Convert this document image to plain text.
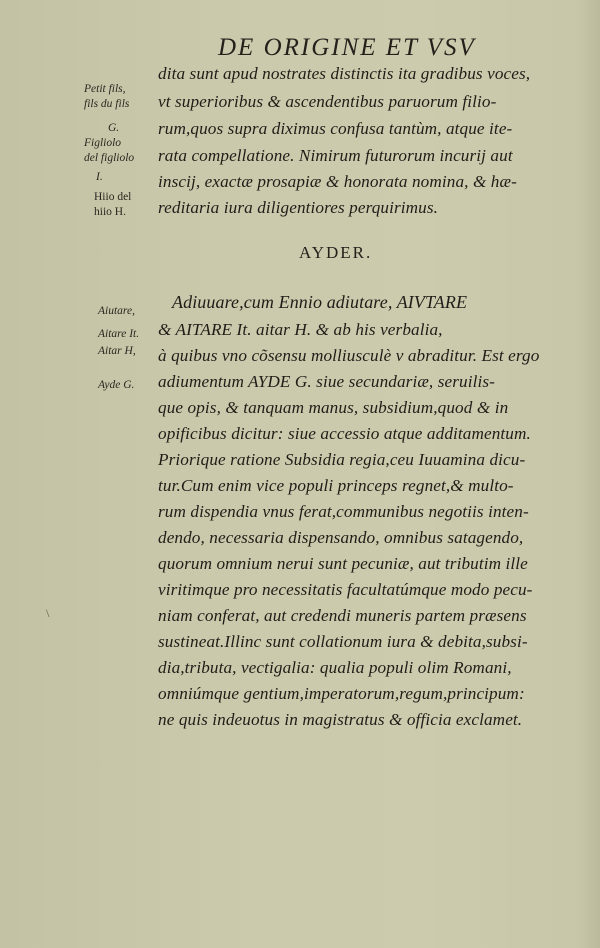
DE ORIGINE ET VSV
Petit fils,
fils du fils
G.
Figliolo
del figliolo
I.
Hiio del
hiio H.
dita sunt apud nostrates distinctis ita gradibus voces,
vt superioribus & ascendentibus paruorum filio-
rum,quos supra diximus confusa tantùm, atque ite-
rata compellatione. Nimirum futurorum incurij aut
inscij, exactæ prosapiæ & honorata nomina, & hæ-
reditaria iura diligentiores perquirimus.
AYDER.
Aiutare,
Aitare It.
Aitar H,
Ayde G.
Adiuuare,cum Ennio adiutare, AIVTARE
& AITARE It. aitar H. & ab his verbalia,
à quibus vno cõsensu molliusculè v abraditur. Est ergo
adiumentum AYDE G. siue secundariæ, seruilis-
que opis, & tanquam manus, subsidium,quod & in
opificibus dicitur: siue accessio atque additamentum.
Priorique ratione Subsidia regia,ceu Iuuamina dicu-
tur.Cum enim vice populi princeps regnet,& multo-
rum dispendia vnus ferat,communibus negotiis inten-
dendo, necessaria dispensando, omnibus satagendo,
quorum omnium nerui sunt pecuniæ, aut tributim ille
viritimque pro necessitatis facultatúmque modo pecu-
niam conferat, aut credendi muneris partem præsens
sustineat.Illinc sunt collationum iura & debita,subsi-
dia,tributa, vectigalia: qualia populi olim Romani,
omniúmque gentium,imperatorum,regum,principum:
ne quis indeuotus in magistratus & officia exclamet.
\
